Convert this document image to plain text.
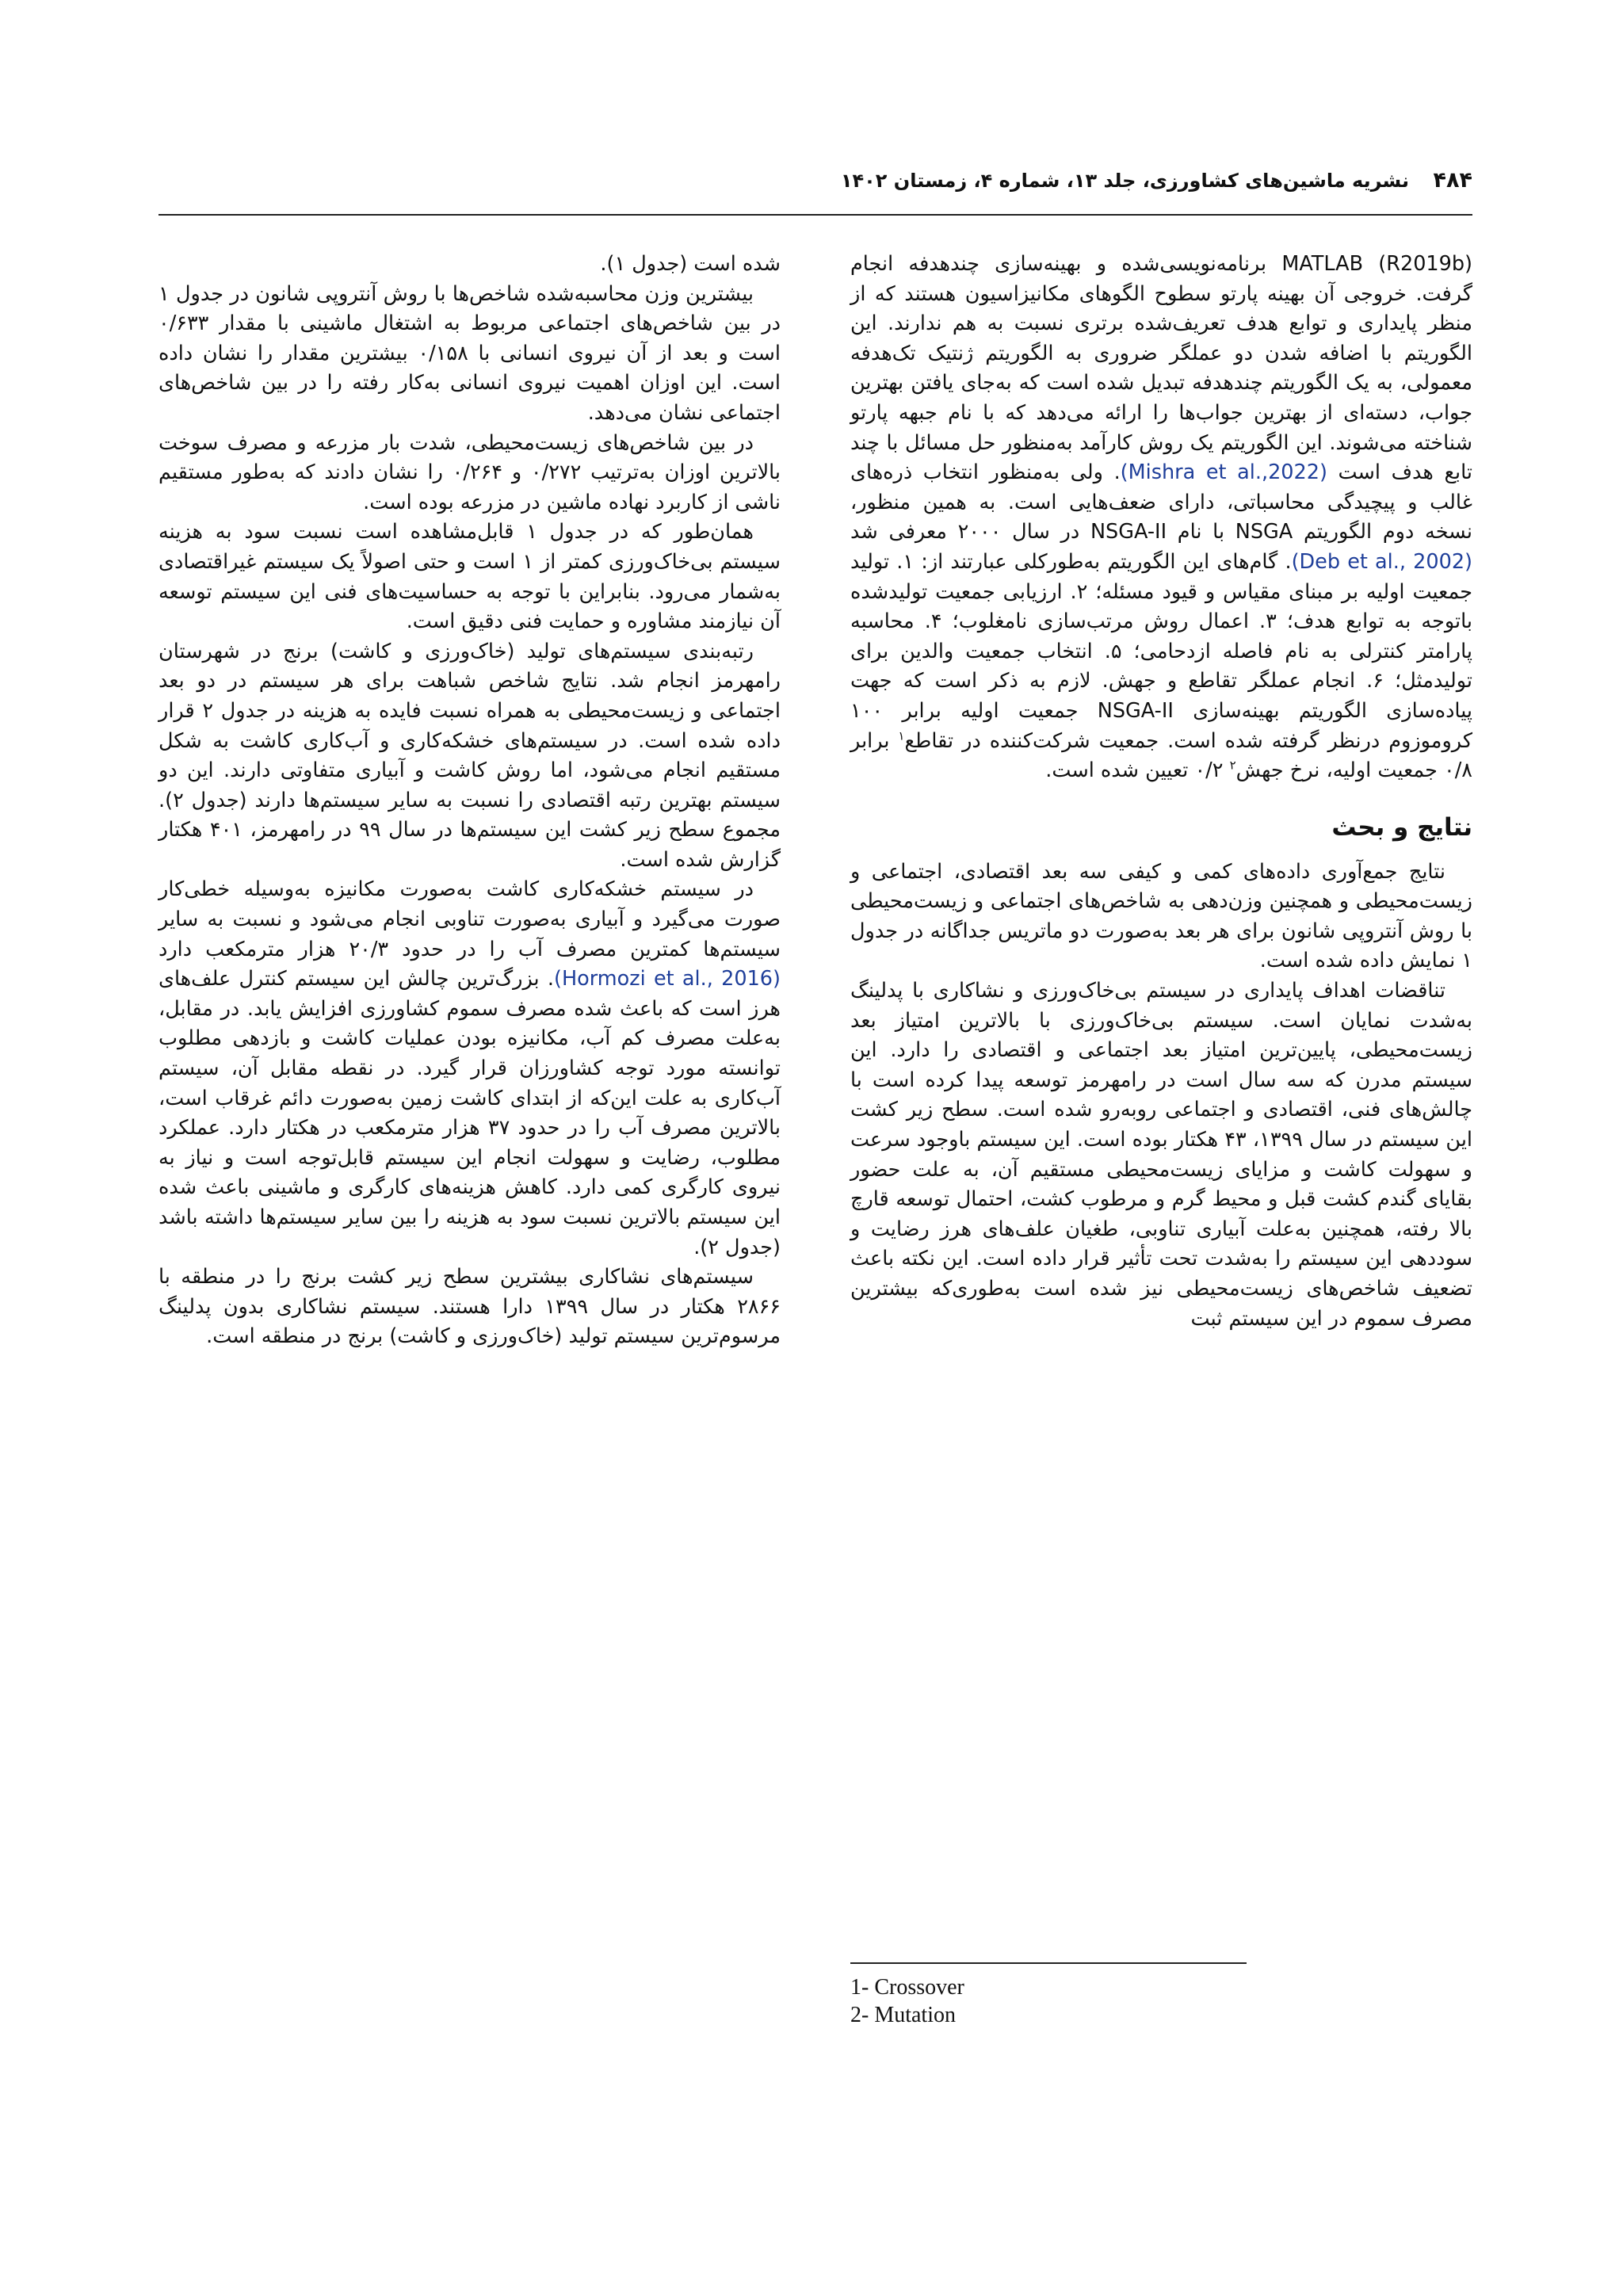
۴۸۴
نشریه ماشین‌های کشاورزی، جلد ۱۳، شماره ۴، زمستان ۱۴۰۲

MATLAB (R2019b) برنامه‌نویسی‌شده و بهینه‌سازی چندهدفه انجام گرفت. خروجی آن بهینه پارتو سطوح الگوهای مکانیزاسیون هستند که از منظر پایداری و توابع هدف تعریف‌شده برتری نسبت به هم ندارند. این الگوریتم با اضافه شدن دو عملگر ضروری به الگوریتم ژنتیک تک‌هدفه معمولی، به یک الگوریتم چندهدفه تبدیل شده است که به‌جای یافتن بهترین جواب، دسته‌ای از بهترین جواب‌ها را ارائه می‌دهد که با نام جبهه پارتو شناخته می‌شوند. این الگوریتم یک روش کارآمد به‌منظور حل مسائل با چند تابع هدف است (Mishra et al.,2022). ولی به‌منظور انتخاب ذره‌های غالب و پیچیدگی محاسباتی، دارای ضعف‌هایی است. به همین منظور، نسخه دوم الگوریتم NSGA با نام NSGA-II در سال ۲۰۰۰ معرفی شد (Deb et al., 2002). گام‌های این الگوریتم به‌طورکلی عبارتند از: ۱. تولید جمعیت اولیه بر مبنای مقیاس و قیود مسئله؛ ۲. ارزیابی جمعیت تولیدشده باتوجه به توابع هدف؛ ۳. اعمال روش مرتب‌سازی نامغلوب؛ ۴. محاسبه پارامتر کنترلی به نام فاصله ازدحامی؛ ۵. انتخاب جمعیت والدین برای تولیدمثل؛ ۶. انجام عملگر تقاطع و جهش. لازم به ذکر است که جهت پیاده‌سازی الگوریتم بهینه‌سازی NSGA-II جمعیت اولیه برابر ۱۰۰ کروموزوم درنظر گرفته شده است. جمعیت شرکت‌کننده در تقاطع$^۱$ برابر ۰/۸ جمعیت اولیه، نرخ جهش$^۲$ ۰/۲ تعیین شده است.

نتایج و بحث

نتایج جمع‌آوری داده‌های کمی و کیفی سه بعد اقتصادی، اجتماعی و زیست‌محیطی و همچنین وزن‌دهی به شاخص‌های اجتماعی و زیست‌محیطی با روش آنتروپی شانون برای هر بعد به‌صورت دو ماتریس جداگانه در جدول ۱ نمایش داده شده است.

تناقضات اهداف پایداری در سیستم بی‌خاک‌ورزی و نشاکاری با پدلینگ به‌شدت نمایان است. سیستم بی‌خاک‌ورزی با بالاترین امتیاز بعد زیست‌محیطی، پایین‌ترین امتیاز بعد اجتماعی و اقتصادی را دارد. این سیستم مدرن که سه سال است در رامهرمز توسعه پیدا کرده است با چالش‌های فنی، اقتصادی و اجتماعی روبه‌رو شده است. سطح زیر کشت این سیستم در سال ۱۳۹۹، ۴۳ هکتار بوده است. این سیستم باوجود سرعت و سهولت کاشت و مزایای زیست‌محیطی مستقیم آن، به علت حضور بقایای گندم کشت قبل و محیط گرم و مرطوب کشت، احتمال توسعه قارچ بالا رفته، همچنین به‌علت آبیاری تناوبی، طغیان علف‌های هرز رضایت و سوددهی این سیستم را به‌شدت تحت تأثیر قرار داده است. این نکته باعث تضعیف شاخص‌های زیست‌محیطی نیز شده است به‌طوری‌که بیشترین مصرف سموم در این سیستم ثبت

شده است (جدول ۱).

بیشترین وزن محاسبه‌شده شاخص‌ها با روش آنتروپی شانون در جدول ۱ در بین شاخص‌های اجتماعی مربوط به اشتغال ماشینی با مقدار ۰/۶۳۳ است و بعد از آن نیروی انسانی با ۰/۱۵۸ بیشترین مقدار را نشان داده است. این اوزان اهمیت نیروی انسانی به‌کار رفته را در بین شاخص‌های اجتماعی نشان می‌دهد.

در بین شاخص‌های زیست‌محیطی، شدت بار مزرعه و مصرف سوخت بالاترین اوزان به‌ترتیب ۰/۲۷۲ و ۰/۲۶۴ را نشان دادند که به‌طور مستقیم ناشی از کاربرد نهاده ماشین در مزرعه بوده است.

همان‌طور که در جدول ۱ قابل‌مشاهده است نسبت سود به هزینه سیستم بی‌خاک‌ورزی کمتر از ۱ است و حتی اصولاً یک سیستم غیراقتصادی به‌شمار می‌رود. بنابراین با توجه به حساسیت‌های فنی این سیستم توسعه آن نیازمند مشاوره و حمایت فنی دقیق است.

رتبه‌بندی سیستم‌های تولید (خاک‌ورزی و کاشت) برنج در شهرستان رامهرمز انجام شد. نتایج شاخص شباهت برای هر سیستم در دو بعد اجتماعی و زیست‌محیطی به همراه نسبت فایده به هزینه در جدول ۲ قرار داده شده است. در سیستم‌های خشکه‌کاری و آب‌کاری کاشت به شکل مستقیم انجام می‌شود، اما روش کاشت و آبیاری متفاوتی دارند. این دو سیستم بهترین رتبه اقتصادی را نسبت به سایر سیستم‌ها دارند (جدول ۲). مجموع سطح زیر کشت این سیستم‌ها در سال ۹۹ در رامهرمز، ۴۰۱ هکتار گزارش شده است.

در سیستم خشکه‌کاری کاشت به‌صورت مکانیزه به‌وسیله خطی‌کار صورت می‌گیرد و آبیاری به‌صورت تناوبی انجام می‌شود و نسبت به سایر سیستم‌ها کمترین مصرف آب را در حدود ۲۰/۳ هزار مترمکعب دارد (Hormozi et al., 2016). بزرگ‌ترین چالش این سیستم کنترل علف‌های هرز است که باعث شده مصرف سموم کشاورزی افزایش یابد. در مقابل، به‌علت مصرف کم آب، مکانیزه بودن عملیات کاشت و بازدهی مطلوب توانسته مورد توجه کشاورزان قرار گیرد. در نقطه مقابل آن، سیستم آب‌کاری به علت این‌که از ابتدای کاشت زمین به‌صورت دائم غرقاب است، بالاترین مصرف آب را در حدود ۳۷ هزار مترمکعب در هکتار دارد. عملکرد مطلوب، رضایت و سهولت انجام این سیستم قابل‌توجه است و نیاز به نیروی کارگری کمی دارد. کاهش هزینه‌های کارگری و ماشینی باعث شده این سیستم بالاترین نسبت سود به هزینه را بین سایر سیستم‌ها داشته باشد (جدول ۲).

سیستم‌های نشاکاری بیشترین سطح زیر کشت برنج را در منطقه با ۲۸۶۶ هکتار در سال ۱۳۹۹ دارا هستند. سیستم نشاکاری بدون پدلینگ مرسوم‌ترین سیستم تولید (خاک‌ورزی و کاشت) برنج در منطقه است.

1- Crossover
2- Mutation
